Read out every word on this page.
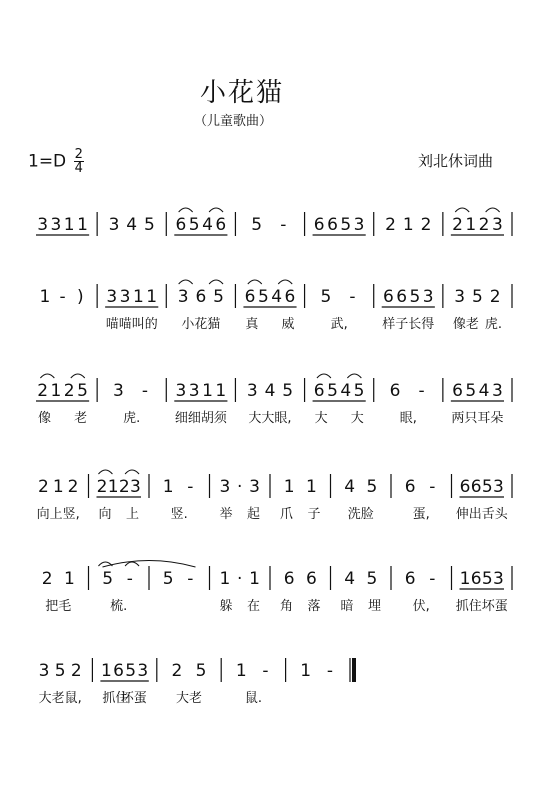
小花猫
（儿童歌曲）
$1=D \frac{2}{4}$	刘北休词曲
3 3 1 1 3 4 5 6 5 4 6 5 - 6 6 5 3 2 1 2 2 1 2 3
1 - ) 3 3 1 1
喵喵叫的
3 6 5
小花猫
6 5 4 6
真 威
5 -
武,
6 6 5 3
样子长得
3 5 2
像老 虎.
2 1 2 5
像 老
3 -
虎.
3 3 1 1
细细胡须
3 4 5
大大眼,
6 5 4 5
大 大
6 -
眼,
6 5 4 3
两只耳朵
2 1 2
向上竖,
2 1 2 3
向 上
1 -
竖.
3 · 3
举 起
1 1
爪 子
4 5
洗脸
6 -
蛋,
6 6 5 3
伸出舌头
2 1
把毛
5 -
梳.
5 - 1 · 1
躲 在
6 6
角 落
4 5
暗 埋
6 -
伏,
1 6 5 3
抓住坏蛋
3 5 2
大老鼠,
1 6 5 3
抓住
坏蛋
2 5
大老
1 -
鼠.
1 -
